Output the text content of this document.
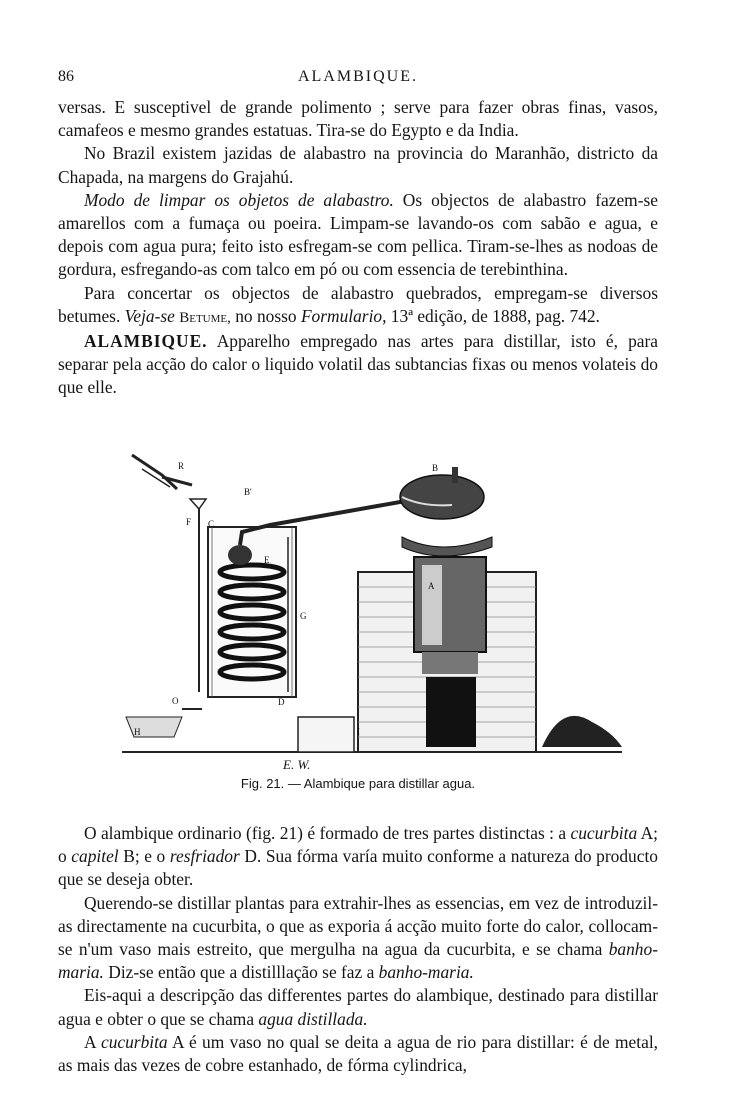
86	ALAMBIQUE.

versas. E susceptivel de grande polimento ; serve para fazer obras finas, vasos, camafeos e mesmo grandes estatuas. Tira-se do Egypto e da India.

No Brazil existem jazidas de alabastro na provincia do Maranhão, districto da Chapada, na margens do Grajahú.

Modo de limpar os objetos de alabastro. Os objectos de alabastro fazem-se amarellos com a fumaça ou poeira. Limpam-se lavando-os com sabão e agua, e depois com agua pura; feito isto esfregam-se com pellica. Tiram-se-lhes as nodoas de gordura, esfregando-as com talco em pó ou com essencia de terebinthina.

Para concertar os objectos de alabastro quebrados, empregam-se diversos betumes. Veja-se Betume, no nosso Formulario, 13ª edição, de 1888, pag. 742.

ALAMBIQUE. Apparelho empregado nas artes para distillar, isto é, para separar pela acção do calor o liquido volatil das subtancias fixas ou menos volateis do que elle.

R	B
B'
F C
E
G
D
A
O
H	I
E. W.
Fig. 21. — Alambique para distillar agua.

O alambique ordinario (fig. 21) é formado de tres partes distinctas : a cucurbita A; o capitel B; e o resfriador D. Sua fórma varía muito conforme a natureza do producto que se deseja obter.

Querendo-se distillar plantas para extrahir-lhes as essencias, em vez de introduzil-as directamente na cucurbita, o que as exporia á acção muito forte do calor, collocam-se n'um vaso mais estreito, que mergulha na agua da cucurbita, e se chama banho-maria. Diz-se então que a distilllação se faz a banho-maria.

Eis-aqui a descripção das differentes partes do alambique, destinado para distillar agua e obter o que se chama agua distillada.

A cucurbita A é um vaso no qual se deita a agua de rio para distillar: é de metal, as mais das vezes de cobre estanhado, de fórma cylindrica,
